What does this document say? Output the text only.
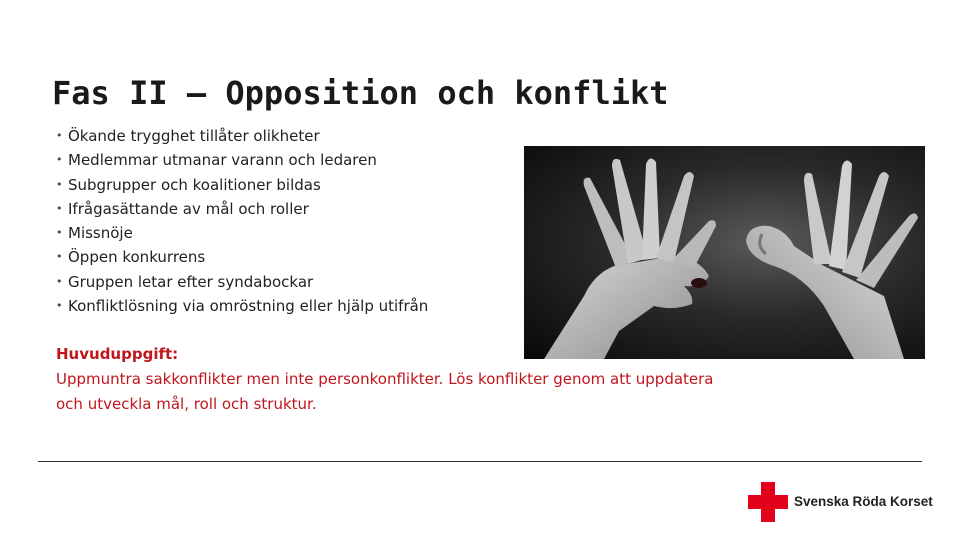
Fas II – Opposition och konflikt
• Ökande trygghet tillåter olikheter
• Medlemmar utmanar varann och ledaren
• Subgrupper och koalitioner bildas
• Ifrågasättande av mål och roller
• Missnöje
• Öppen konkurrens
• Gruppen letar efter syndabockar
• Konfliktlösning via omröstning eller hjälp utifrån
Huvuduppgift:
Uppmuntra sakkonflikter men inte personkonflikter. Lös konflikter genom att uppdatera och utveckla mål, roll och struktur.
Svenska Röda Korset
